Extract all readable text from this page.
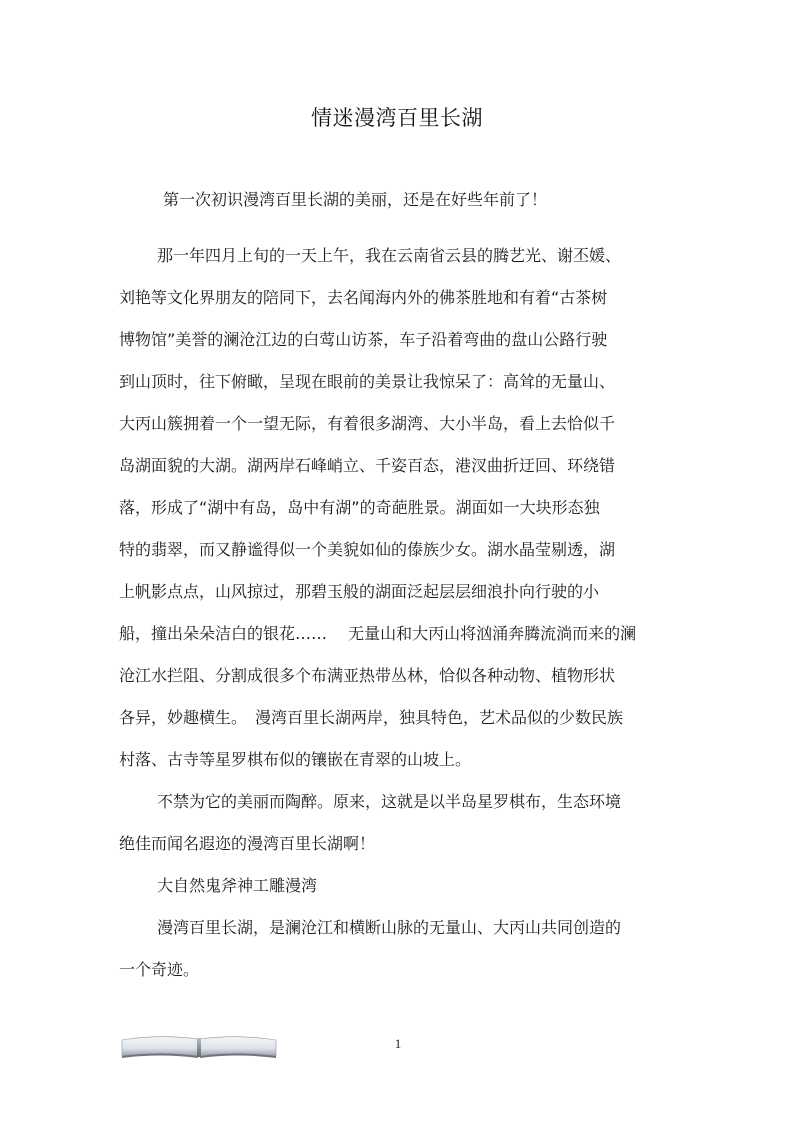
情迷漫湾百里长湖
第一次初识漫湾百里长湖的美丽，还是在好些年前了！
那一年四月上旬的一天上午，我在云南省云县的腾艺光、谢丕媛、
刘艳等文化界朋友的陪同下，去名闻海内外的佛茶胜地和有着“古茶树
博物馆”美誉的澜沧江边的白莺山访茶，车子沿着弯曲的盘山公路行驶
到山顶时，往下俯瞰，呈现在眼前的美景让我惊呆了：高耸的无量山、
大丙山簇拥着一个一望无际，有着很多湖湾、大小半岛，看上去恰似千
岛湖面貌的大湖。湖两岸石峰峭立、千姿百态，港汊曲折迂回、环绕错
落，形成了“湖中有岛，岛中有湖”的奇葩胜景。湖面如一大块形态独
特的翡翠，而又静谧得似一个美貌如仙的傣族少女。湖水晶莹剔透，湖
上帆影点点，山风掠过，那碧玉般的湖面泛起层层细浪扑向行驶的小
船，撞出朵朵洁白的银花……　 无量山和大丙山将汹涌奔腾流淌而来的澜
沧江水拦阻、分割成很多个布满亚热带丛林，恰似各种动物、植物形状
各异，妙趣横生。　漫湾百里长湖两岸，独具特色，艺术品似的少数民族
村落、古寺等星罗棋布似的镶嵌在青翠的山坡上。
不禁为它的美丽而陶醉。原来，这就是以半岛星罗棋布，生态环境
绝佳而闻名遐迩的漫湾百里长湖啊！
大自然鬼斧神工雕漫湾
漫湾百里长湖，是澜沧江和横断山脉的无量山、大丙山共同创造的
一个奇迹。
1
